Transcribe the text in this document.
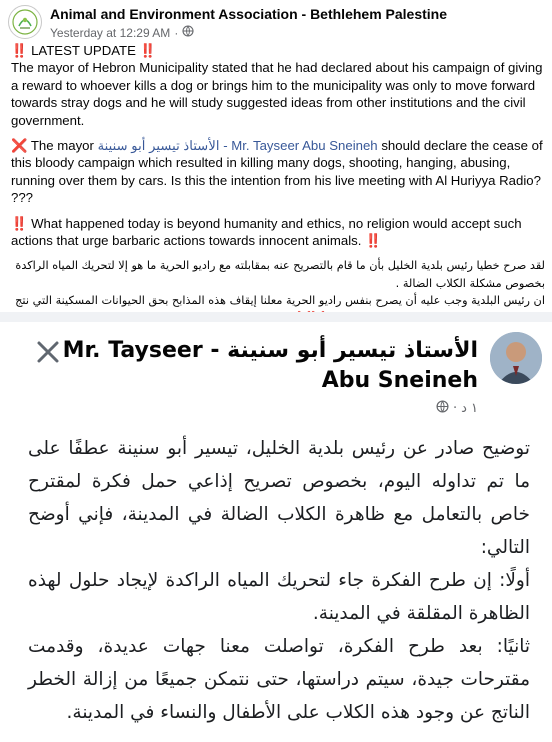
Animal and Environment Association - Bethlehem Palestine
Yesterday at 12:29 AM ·

‼️ LATEST UPDATE ‼️
The mayor of Hebron Municipality stated that he had declared about his campaign of giving a reward to whoever kills a dog or brings him to the municipality was only to move forward towards stray dogs and he will study suggested ideas from other institutions and the civil government.

❌ The mayor الأستاذ تيسير أبو سنينة - Mr. Tayseer Abu Sneineh should declare the cease of this bloody campaign which resulted in killing many dogs, shooting, hanging, abusing, running over them by cars. Is this the intention from his live meeting with Al Huriyya Radio? ???

‼️ What happened today is beyond humanity and ethics, no religion would accept such actions that urge barbaric actions towards innocent animals. ‼️

لقد صرح خطيا رئيس بلدية الخليل بأن ما قام بالتصريح عنه بمقابلته مع راديو الحرية ما هو إلا لتحريك المياه الراكدة بخصوص مشكلة الكلاب الضالة .

ان رئيس البلدية وجب عليه أن يصرح بنفس راديو الحرية معلنا إيقاف هذه المذابح بحق الحيوانات المسكينة التي نتج

الأستاذ تيسير أبو سنينة - Mr. Tayseer
Abu Sneineh
١ د
·

توضيح صادر عن رئيس بلدية الخليل، تيسير أبو سنينة عطفًا على ما تم تداوله اليوم، بخصوص تصريح إذاعي حمل فكرة لمقترح خاص بالتعامل مع ظاهرة الكلاب الضالة في المدينة، فإني أوضح التالي:

أولًا: إن طرح الفكرة جاء لتحريك المياه الراكدة لإيجاد حلول لهذه الظاهرة المقلقة في المدينة.

ثانيًا: بعد طرح الفكرة، تواصلت معنا جهات عديدة، وقدمت مقترحات جيدة، سيتم دراستها، حتى نتمكن جميعًا من إزالة الخطر الناتج عن وجود هذه الكلاب على الأطفال والنساء في المدينة.
